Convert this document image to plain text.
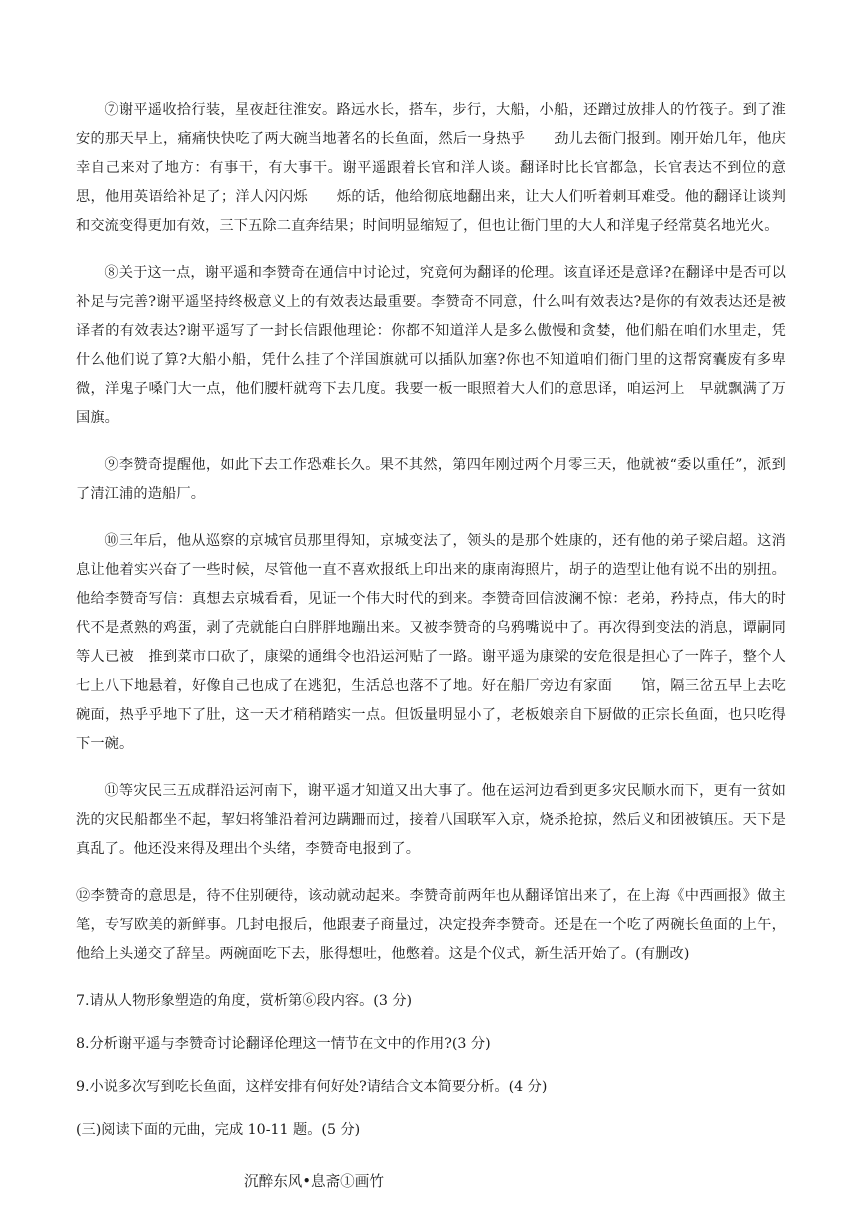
⑦谢平遥收拾行装，星夜赶往淮安。路远水长，搭车，步行，大船，小船，还蹭过放排人的竹筏子。到了淮安的那天早上，痛痛快快吃了两大碗当地著名的长鱼面，然后一身热乎　　劲儿去衙门报到。刚开始几年，他庆幸自己来对了地方：有事干，有大事干。谢平遥跟着长官和洋人谈。翻译时比长官都急，长官表达不到位的意思，他用英语给补足了；洋人闪闪烁　　烁的话，他给彻底地翻出来，让大人们听着刺耳难受。他的翻译让谈判和交流变得更加有效，三下五除二直奔结果；时间明显缩短了，但也让衙门里的大人和洋鬼子经常莫名地光火。

⑧关于这一点，谢平遥和李赞奇在通信中讨论过，究竟何为翻译的伦理。该直译还是意译?在翻译中是否可以补足与完善?谢平遥坚持终极意义上的有效表达最重要。李赞奇不同意，什么叫有效表达?是你的有效表达还是被译者的有效表达?谢平遥写了一封长信跟他理论：你都不知道洋人是多么傲慢和贪婪，他们船在咱们水里走，凭什么他们说了算?大船小船，凭什么挂了个洋国旗就可以插队加塞?你也不知道咱们衙门里的这帮窝囊废有多卑微，洋鬼子嗓门大一点，他们腰杆就弯下去几度。我要一板一眼照着大人们的意思译，咱运河上　早就飘满了万国旗。

⑨李赞奇提醒他，如此下去工作恐难长久。果不其然，第四年刚过两个月零三天，他就被“委以重任”，派到了清江浦的造船厂。

⑩三年后，他从巡察的京城官员那里得知，京城变法了，领头的是那个姓康的，还有他的弟子梁启超。这消息让他着实兴奋了一些时候，尽管他一直不喜欢报纸上印出来的康南海照片，胡子的造型让他有说不出的别扭。他给李赞奇写信：真想去京城看看，见证一个伟大时代的到来。李赞奇回信波澜不惊：老弟，矜持点，伟大的时代不是煮熟的鸡蛋，剥了壳就能白白胖胖地蹦出来。又被李赞奇的乌鸦嘴说中了。再次得到变法的消息，谭嗣同等人已被　推到菜市口砍了，康梁的通缉令也沿运河贴了一路。谢平遥为康梁的安危很是担心了一阵子，整个人七上八下地悬着，好像自己也成了在逃犯，生活总也落不了地。好在船厂旁边有家面　　馆，隔三岔五早上去吃碗面，热乎乎地下了肚，这一天才稍稍踏实一点。但饭量明显小了，老板娘亲自下厨做的正宗长鱼面，也只吃得下一碗。

⑪等灾民三五成群沿运河南下，谢平遥才知道又出大事了。他在运河边看到更多灾民顺水而下，更有一贫如洗的灾民船都坐不起，挈妇将雏沿着河边蹒跚而过，接着八国联军入京，烧杀抢掠，然后义和团被镇压。天下是真乱了。他还没来得及理出个头绪，李赞奇电报到了。

⑫李赞奇的意思是，待不住别硬待，该动就动起来。李赞奇前两年也从翻译馆出来了，在上海《中西画报》做主笔，专写欧美的新鲜事。几封电报后，他跟妻子商量过，决定投奔李赞奇。还是在一个吃了两碗长鱼面的上午，他给上头递交了辞呈。两碗面吃下去，胀得想吐，他憋着。这是个仪式，新生活开始了。(有删改)

7.请从人物形象塑造的角度，赏析第⑥段内容。(3 分)

8.分析谢平遥与李赞奇讨论翻译伦理这一情节在文中的作用?(3 分)

9.小说多次写到吃长鱼面，这样安排有何好处?请结合文本简要分析。(4 分)

(三)阅读下面的元曲，完成 10-11 题。(5 分)

沉醉东风•息斋①画竹
